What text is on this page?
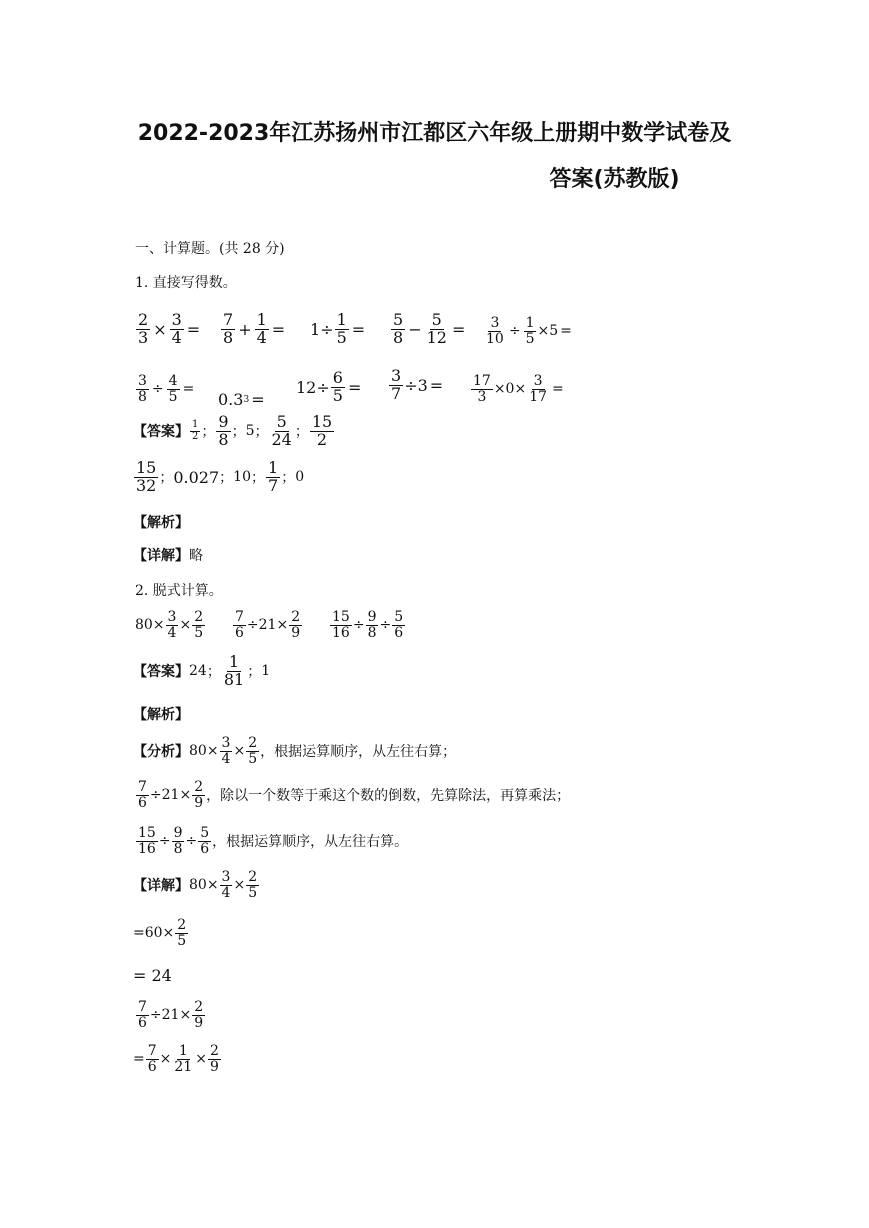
2022-2023年江苏扬州市江都区六年级上册期中数学试卷及
答案(苏教版)
一、计算题。(共 28 分)
1. 直接写得数。
$\frac{2}{3} \times \frac{3}{4} = \frac{7}{8} + \frac{1}{4} = 1\div \frac{1}{5} = \frac{5}{8} - \frac{5}{12} = \frac{3}{10} \div \frac{1}{5} \times 5$ =
$\frac{3}{8} \div \frac{4}{5}$ =
0.3 3 =
$12\div \frac{6}{5} = \frac{3}{7} \div 3 = \frac{17}{3} \times 0\times \frac{3}{17}$ =
【答案】 $\frac{1}{2}$ ； $\frac{9}{8}$ ； 5 ； $\frac{5}{24}$ ； $\frac{15}{2}$
$\frac{15}{32}$ ； 0.027 ； 10 ； $\frac{1}{7}$ ； 0
【解析】
【详解】 略
2. 脱式计算。
$80\times \frac{3}{4} \times \frac{2}{5} \frac{7}{6} \div 21\times \frac{2}{9} \frac{15}{16} \div \frac{9}{8} \div \frac{5}{6}$
【答案】 24 ； $\frac{1}{81}$ ； 1
【解析】
【分析】 $80\times \frac{3}{4} \times \frac{2}{5}$ ，根据运算顺序，从左往右算；
$\frac{7}{6} \div 21\times \frac{2}{9}$ ，除以一个数等于乘这个数的倒数，先算除法，再算乘法；
$\frac{15}{16} \div \frac{9}{8} \div \frac{5}{6}$ ，根据运算顺序，从左往右算。
【详解】 $80\times \frac{3}{4} \times \frac{2}{5}$
$=60\times \frac{2}{5}$
= 24
$\frac{7}{6} \div 21\times \frac{2}{9}$
= $\frac{7}{6} \times \frac{1}{21} \times \frac{2}{9}$
